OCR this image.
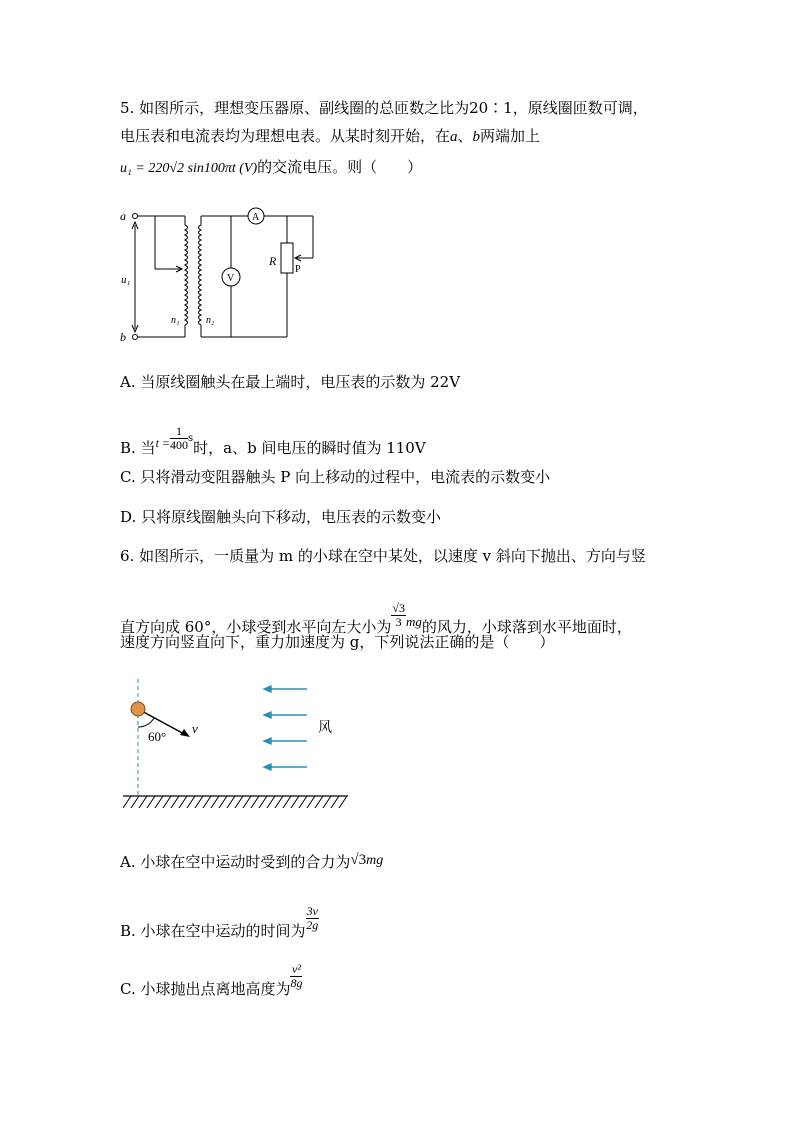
5. 如图所示，理想变压器原、副线圈的总匝数之比为20∶1，原线圈匝数可调，
电压表和电流表均为理想电表。从某时刻开始，在a、b两端加上
u₁ = 220√2 sin100πt (V)的交流电压。则（　　）
a
b
u₁
n₁	n₂
A
V
R
P
A. 当原线圈触头在最上端时，电压表的示数为 22V
B. 当$^{t =} \frac{1}{400} ^s$时，a、b 间电压的瞬时值为 110V
C. 只将滑动变阻器触头 P 向上移动的过程中，电流表的示数变小
D. 只将原线圈触头向下移动，电压表的示数变小
6. 如图所示，一质量为 m 的小球在空中某处，以速度 v 斜向下抛出、方向与竖
直方向成 60°，小球受到水平向左大小为 $\frac{√3}{3}$ mg的风力，小球落到水平地面时，
速度方向竖直向下，重力加速度为 g，下列说法正确的是（　　）
60°
v	风
A. 小球在空中运动时受到的合力为√3mg
B. 小球在空中运动的时间为 $\frac{3v}{2g}$
C. 小球抛出点离地高度为 $\frac{\text{v²}}{8g}$
